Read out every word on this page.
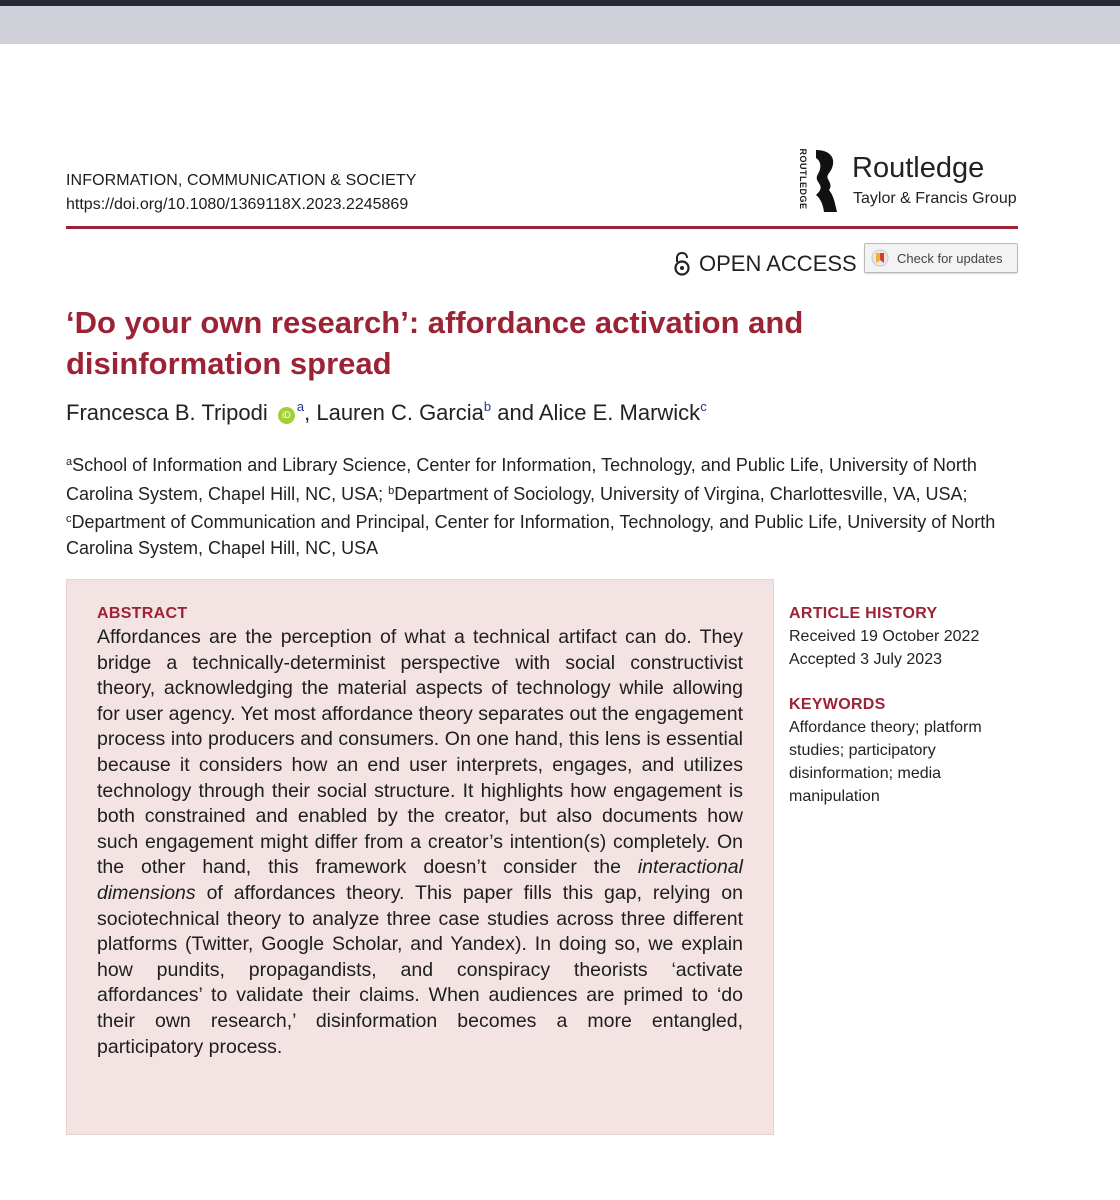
INFORMATION, COMMUNICATION & SOCIETY
https://doi.org/10.1080/1369118X.2023.2245869	ROUTLEDGE Routledge
Taylor & Francis Group
OPEN ACCESS	Check for updates
‘Do your own research’: affordance activation and disinformation spread
Francesca B. Tripodi $iD^a$, Lauren C. Garcia$^b$ and Alice E. Marwick$^c$
$^a$School of Information and Library Science, Center for Information, Technology, and Public Life, University of North Carolina System, Chapel Hill, NC, USA; $^b$Department of Sociology, University of Virgina, Charlottesville, VA, USA; $^c$Department of Communication and Principal, Center for Information, Technology, and Public Life, University of North Carolina System, Chapel Hill, NC, USA
ABSTRACT
Affordances are the perception of what a technical artifact can do. They bridge a technically-determinist perspective with social constructivist theory, acknowledging the material aspects of technology while allowing for user agency. Yet most affordance theory separates out the engagement process into producers and consumers. On one hand, this lens is essential because it considers how an end user interprets, engages, and utilizes technology through their social structure. It highlights how engagement is both constrained and enabled by the creator, but also documents how such engagement might differ from a creator’s intention(s) completely. On the other hand, this framework doesn’t consider the interactional dimensions of affordances theory. This paper fills this gap, relying on sociotechnical theory to analyze three case studies across three different platforms (Twitter, Google Scholar, and Yandex). In doing so, we explain how pundits, propagandists, and conspiracy theorists ‘activate affordances’ to validate their claims. When audiences are primed to ‘do their own research,’ disinformation becomes a more entangled, participatory process.
ARTICLE HISTORY
Received 19 October 2022
Accepted 3 July 2023
KEYWORDS
Affordance theory; platform studies; participatory disinformation; media manipulation
